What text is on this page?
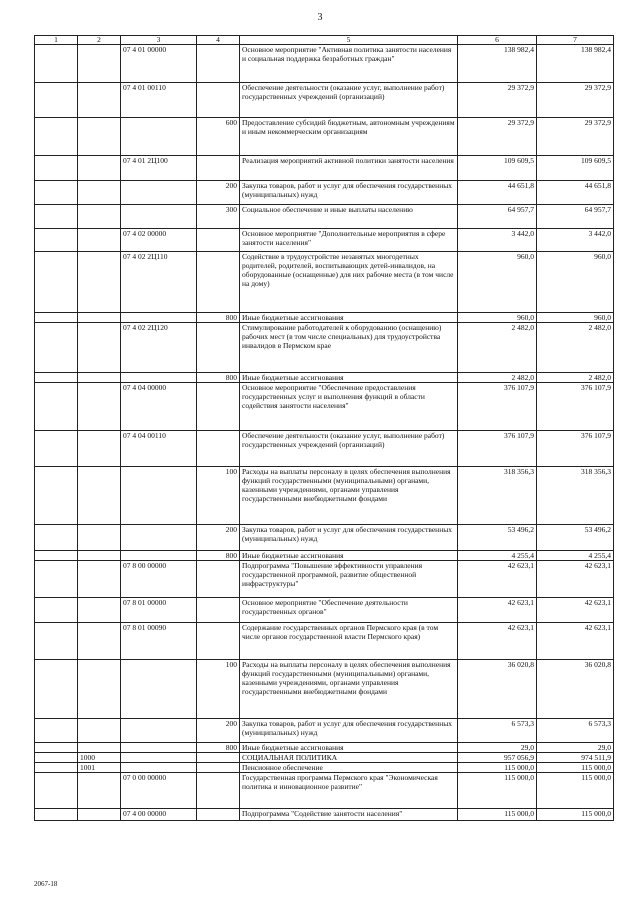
3
1	2	3	4	5	6	7
		07 4 01 00000		Основное мероприятие "Активная политика занятости населения и социальная поддержка безработных граждан"	138 982,4	138 982,4
		07 4 01 00110		Обеспечение деятельности (оказание услуг, выполнение работ) государственных учреждений (организаций)	29 372,9	29 372,9
			600	Предоставление субсидий бюджетным, автономным учреждениям и иным некоммерческим организациям	29 372,9	29 372,9
		07 4 01 2Ц100		Реализация мероприятий активной политики занятости населения	109 609,5	109 609,5
			200	Закупка товаров, работ и услуг для обеспечения государственных (муниципальных) нужд	44 651,8	44 651,8
			300	Социальное обеспечение и иные выплаты населению	64 957,7	64 957,7
		07 4 02 00000		Основное мероприятие "Дополнительные мероприятия в сфере занятости населения"	3 442,0	3 442,0
		07 4 02 2Ц110		Содействие в трудоустройстве незанятых многодетных родителей, родителей, воспитывающих детей-инвалидов, на оборудованные (оснащенные) для них рабочие места (в том числе на дому)	960,0	960,0
			800	Иные бюджетные ассигнования	960,0	960,0
		07 4 02 2Ц120		Стимулирование работодателей к оборудованию (оснащению) рабочих мест (в том числе специальных) для трудоустройства инвалидов в Пермском крае	2 482,0	2 482,0
			800	Иные бюджетные ассигнования	2 482,0	2 482,0
		07 4 04 00000		Основное мероприятие "Обеспечение предоставления государственных услуг и выполнения функций в области содействия занятости населения"	376 107,9	376 107,9
		07 4 04 00110		Обеспечение деятельности (оказание услуг, выполнение работ) государственных учреждений (организаций)	376 107,9	376 107,9
			100	Расходы на выплаты персоналу в целях обеспечения выполнения функций государственными (муниципальными) органами, казенными учреждениями, органами управления государственными внебюджетными фондами	318 356,3	318 356,3
			200	Закупка товаров, работ и услуг для обеспечения государственных (муниципальных) нужд	53 496,2	53 496,2
			800	Иные бюджетные ассигнования	4 255,4	4 255,4
		07 8 00 00000		Подпрограмма "Повышение эффективности управления государственной программой, развитие общественной инфраструктуры"	42 623,1	42 623,1
		07 8 01 00000		Основное мероприятие "Обеспечение деятельности государственных органов"	42 623,1	42 623,1
		07 8 01 00090		Содержание государственных органов Пермского края (в том числе органов государственной власти Пермского края)	42 623,1	42 623,1
			100	Расходы на выплаты персоналу в целях обеспечения выполнения функций государственными (муниципальными) органами, казенными учреждениями, органами управления государственными внебюджетными фондами	36 020,8	36 020,8
			200	Закупка товаров, работ и услуг для обеспечения государственных (муниципальных) нужд	6 573,3	6 573,3
			800	Иные бюджетные ассигнования	29,0	29,0
	1000			СОЦИАЛЬНАЯ ПОЛИТИКА	957 056,9	974 511,9
	1001			Пенсионное обеспечение	115 000,0	115 000,0
		07 0 00 00000		Государственная программа Пермского края "Экономическая политика и инновационное развитие"	115 000,0	115 000,0
		07 4 00 00000		Подпрограмма "Содействие занятости населения"	115 000,0	115 000,0
2067-18
